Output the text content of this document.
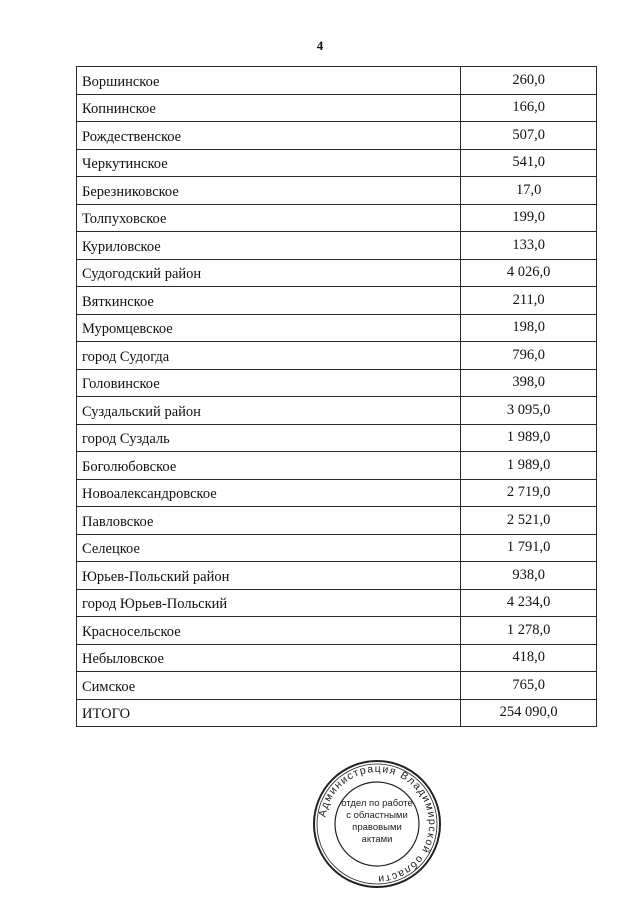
4
Воршинское	260,0
Копнинское	166,0
Рождественское	507,0
Черкутинское	541,0
Березниковское	17,0
Толпуховское	199,0
Куриловское	133,0
Судогодский район	4 026,0
Вяткинское	211,0
Муромцевское	198,0
город Судогда	796,0
Головинское	398,0
Суздальский район	3 095,0
город Суздаль	1 989,0
Боголюбовское	1 989,0
Новоалександровское	2 719,0
Павловское	2 521,0
Селецкое	1 791,0
Юрьев-Польский район	938,0
город Юрьев-Польский	4 234,0
Красносельское	1 278,0
Небыловское	418,0
Симское	765,0
ИТОГО	254 090,0
Администрация Владимирской области
отдел по работе
с областными
правовыми
актами
